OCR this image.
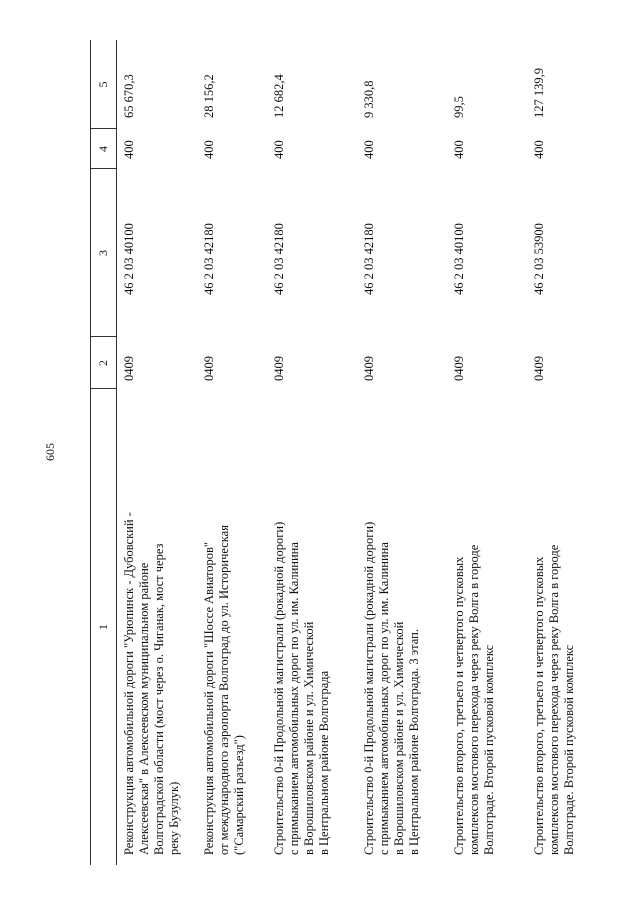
605
1
2
3
4
5
Реконструкция автомобильной дороги "Урюпинск - Дубовский - Алексеевская" в Алексеевском муниципальном районе Волгоградской области (мост через о. Чиганак, мост через реку Бузулук)
0409
46 2 03 40100
400
65 670,3
Реконструкция автомобильной дороги "Шоссе Авиаторов" от международного аэропорта Волгоград до ул. Историческая ("Самарский разъезд")
0409
46 2 03 42180
400
28 156,2
Строительство 0-й Продольной магистрали (рокадной дороги) с примыканием автомобильных дорог по ул. им. Калинина в Ворошиловском районе и ул. Химической в Центральном районе Волгограда
0409
46 2 03 42180
400
12 682,4
Строительство 0-й Продольной магистрали (рокадной дороги) с примыканием автомобильных дорог по ул. им. Калинина в Ворошиловском районе и ул. Химической в Центральном районе Волгограда. 3 этап.
0409
46 2 03 42180
400
9 330,8
Строительство второго, третьего и четвертого пусковых комплексов мостового перехода через реку Волга в городе Волгограде. Второй пусковой комплекс
0409
46 2 03 40100
400
99,5
Строительство второго, третьего и четвертого пусковых комплексов мостового перехода через реку Волга в городе Волгограде. Второй пусковой комплекс
0409
46 2 03 53900
400
127 139,9
